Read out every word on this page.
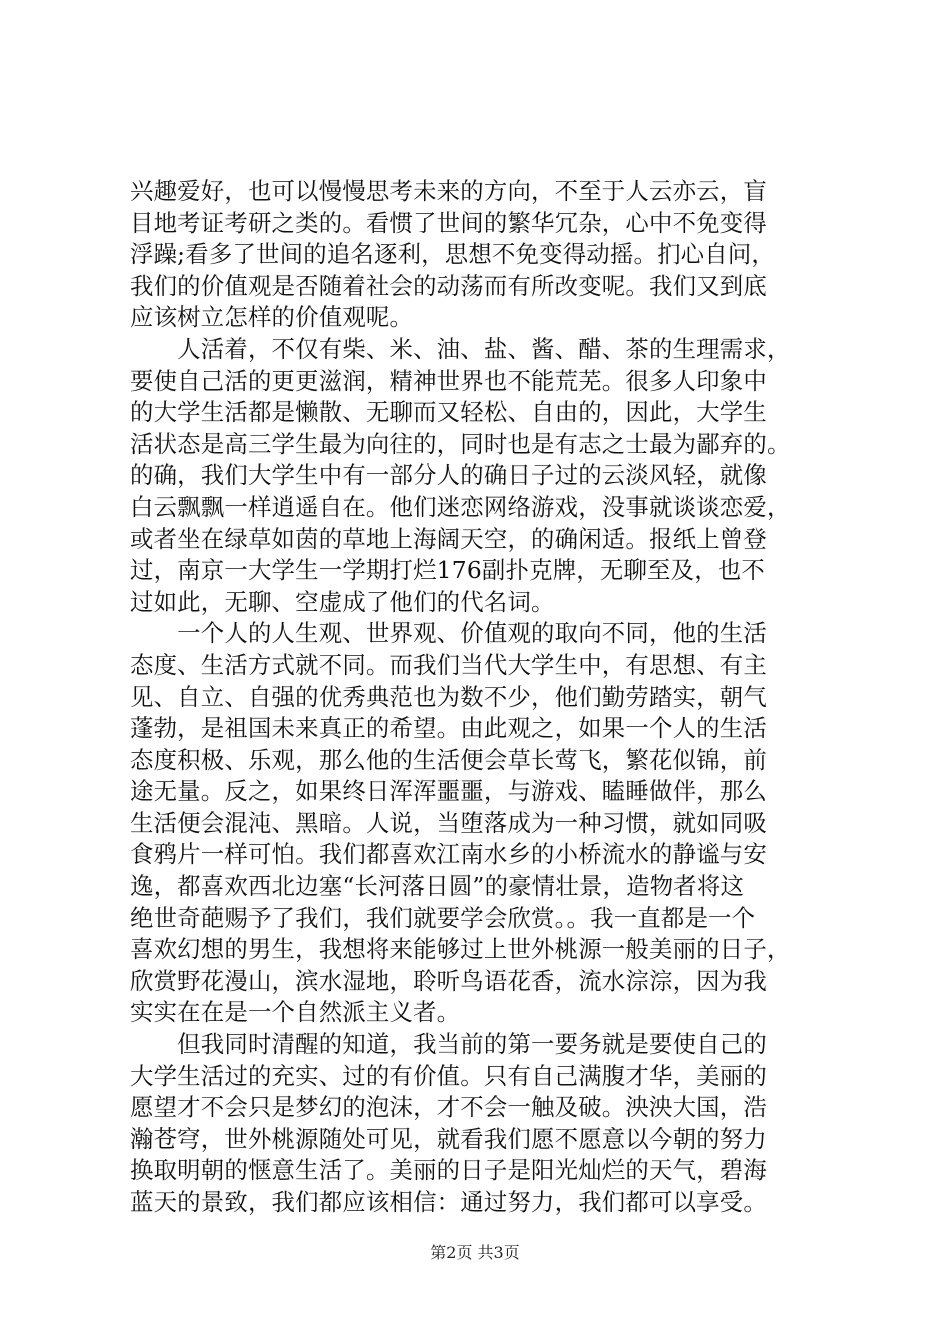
兴趣爱好，也可以慢慢思考未来的方向，不至于人云亦云，盲
目地考证考研之类的。看惯了世间的繁华冗杂，心中不免变得
浮躁;看多了世间的追名逐利，思想不免变得动摇。扪心自问，
我们的价值观是否随着社会的动荡而有所改变呢。我们又到底
应该树立怎样的价值观呢。
　　人活着，不仅有柴、米、油、盐、酱、醋、茶的生理需求，
要使自己活的更更滋润，精神世界也不能荒芜。很多人印象中
的大学生活都是懒散、无聊而又轻松、自由的，因此，大学生
活状态是高三学生最为向往的，同时也是有志之士最为鄙弃的。
的确，我们大学生中有一部分人的确日子过的云淡风轻，就像
白云飘飘一样逍遥自在。他们迷恋网络游戏，没事就谈谈恋爱，
或者坐在绿草如茵的草地上海阔天空，的确闲适。报纸上曾登
过，南京一大学生一学期打烂176副扑克牌，无聊至及，也不
过如此，无聊、空虚成了他们的代名词。
　　一个人的人生观、世界观、价值观的取向不同，他的生活
态度、生活方式就不同。而我们当代大学生中，有思想、有主
见、自立、自强的优秀典范也为数不少，他们勤劳踏实，朝气
蓬勃，是祖国未来真正的希望。由此观之，如果一个人的生活
态度积极、乐观，那么他的生活便会草长莺飞，繁花似锦，前
途无量。反之，如果终日浑浑噩噩，与游戏、瞌睡做伴，那么
生活便会混沌、黑暗。人说，当堕落成为一种习惯，就如同吸
食鸦片一样可怕。我们都喜欢江南水乡的小桥流水的静谧与安
逸，都喜欢西北边塞“长河落日圆”的豪情壮景，造物者将这
绝世奇葩赐予了我们，我们就要学会欣赏。。我一直都是一个
喜欢幻想的男生，我想将来能够过上世外桃源一般美丽的日子，
欣赏野花漫山，滨水湿地，聆听鸟语花香，流水淙淙，因为我
实实在在是一个自然派主义者。
　　但我同时清醒的知道，我当前的第一要务就是要使自己的
大学生活过的充实、过的有价值。只有自己满腹才华，美丽的
愿望才不会只是梦幻的泡沫，才不会一触及破。泱泱大国，浩
瀚苍穹，世外桃源随处可见，就看我们愿不愿意以今朝的努力
换取明朝的惬意生活了。美丽的日子是阳光灿烂的天气，碧海
蓝天的景致，我们都应该相信：通过努力，我们都可以享受。
第2页 共3页
